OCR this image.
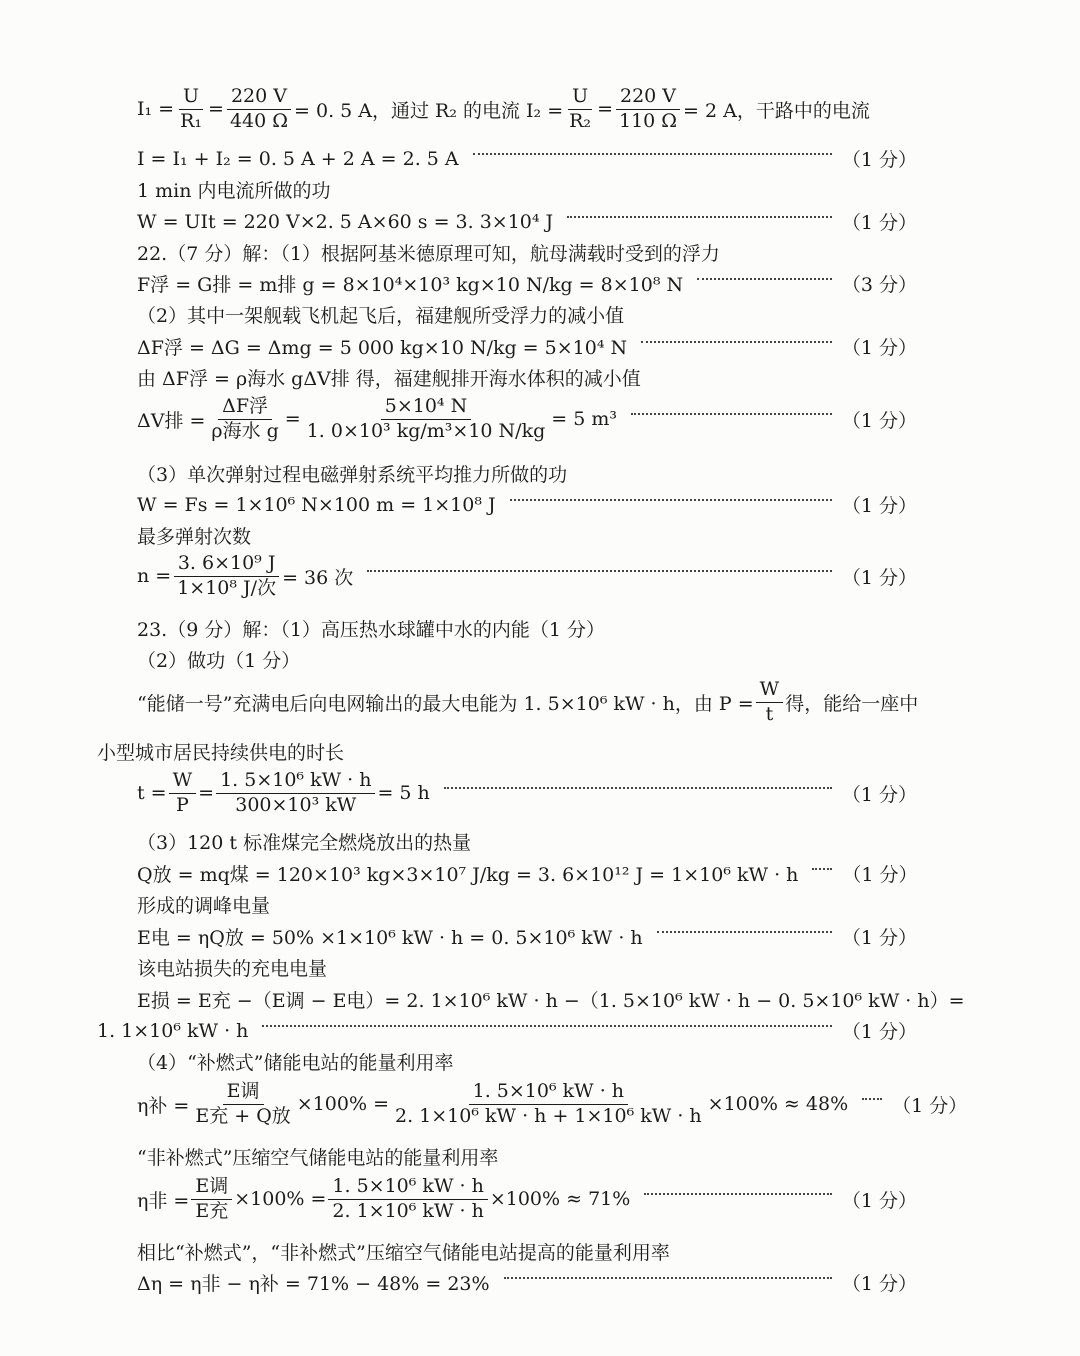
$I_1 = \frac{U}{\text{R₁}} = \frac{220 V}{440 \Omega} = 0$. 5 A，通过 R₂ 的电流 $I_2 = \frac{U}{\text{R₂}} = \frac{220 V}{110 \Omega} = 2$ A，干路中的电流
I = I₁ + I₂ = 0. 5 A + 2 A = 2. 5 A	（1 分）
1 min 内电流所做的功
W = UIt = 220 V×2. 5 A×60 s = 3. 3×10⁴ J	（1 分）
22.（7 分）解：（1）根据阿基米德原理可知，航母满载时受到的浮力
F浮 = G排 = m排 g = 8×10⁴×10³ kg×10 N/kg = 8×10⁸ N	（3 分）
（2）其中一架舰载飞机起飞后，福建舰所受浮力的减小值
ΔF浮 = ΔG = Δmg = 5 000 kg×10 N/kg = 5×10⁴ N	（1 分）
由 ΔF浮 = ρ海水 gΔV排 得，福建舰排开海水体积的减小值
ΔV排 = $\frac{\text{ΔF浮}}{\text{ρ海水 g}} = \frac{\text{5×10⁴ N}}{\text{1. 0×10³ kg/m³×10 N/kg}} = 5$ m³	（1 分）
（3）单次弹射过程电磁弹射系统平均推力所做的功
W = Fs = 1×10⁶ N×100 m = 1×10⁸ J	（1 分）
最多弹射次数
$n = \frac{\text{3. 6×10⁹ J}}{\text{1×10⁸ J/次}} = 36$ 次	（1 分）
23.（9 分）解：（1）高压热水球罐中水的内能（1 分）
（2）做功（1 分）
“能储一号”充满电后向电网输出的最大电能为 1. 5×10⁶ kW · h，由 $P = \frac{W}{t}$ 得，能给一座中
小型城市居民持续供电的时长
$t = \frac{W}{P} = \frac{\text{1. 5×10⁶ kW · h}}{\text{300×10³ kW}} = 5$ h	（1 分）
（3）120 t 标准煤完全燃烧放出的热量
Q放 = mq煤 = 120×10³ kg×3×10⁷ J/kg = 3. 6×10¹² J = 1×10⁶ kW · h （1 分）
形成的调峰电量
E电 = ηQ放 = 50% ×1×10⁶ kW · h = 0. 5×10⁶ kW · h	（1 分）
该电站损失的充电电量
E损 = E充 −（E调 − E电）= 2. 1×10⁶ kW · h −（1. 5×10⁶ kW · h − 0. 5×10⁶ kW · h）=
1. 1×10⁶ kW · h	（1 分）
（4）“补燃式”储能电站的能量利用率
η补 = $\frac{\text{E调}}{\text{E充 + Q放}} \times 100\% = \frac{\text{1. 5×10⁶ kW · h}}{\text{2. 1×10⁶ kW · h + 1×10⁶ kW · h}} \times 100\% \approx 48\%$ （1 分）
“非补燃式”压缩空气储能电站的能量利用率
η非 = $\frac{\text{E调}}{\text{E充}} \times 100\% = \frac{\text{1. 5×10⁶ kW · h}}{\text{2. 1×10⁶ kW · h}} \times 100\% \approx 71\%$	（1 分）
相比“补燃式”，“非补燃式”压缩空气储能电站提高的能量利用率
Δη = η非 − η补 = 71% − 48% = 23%	（1 分）
